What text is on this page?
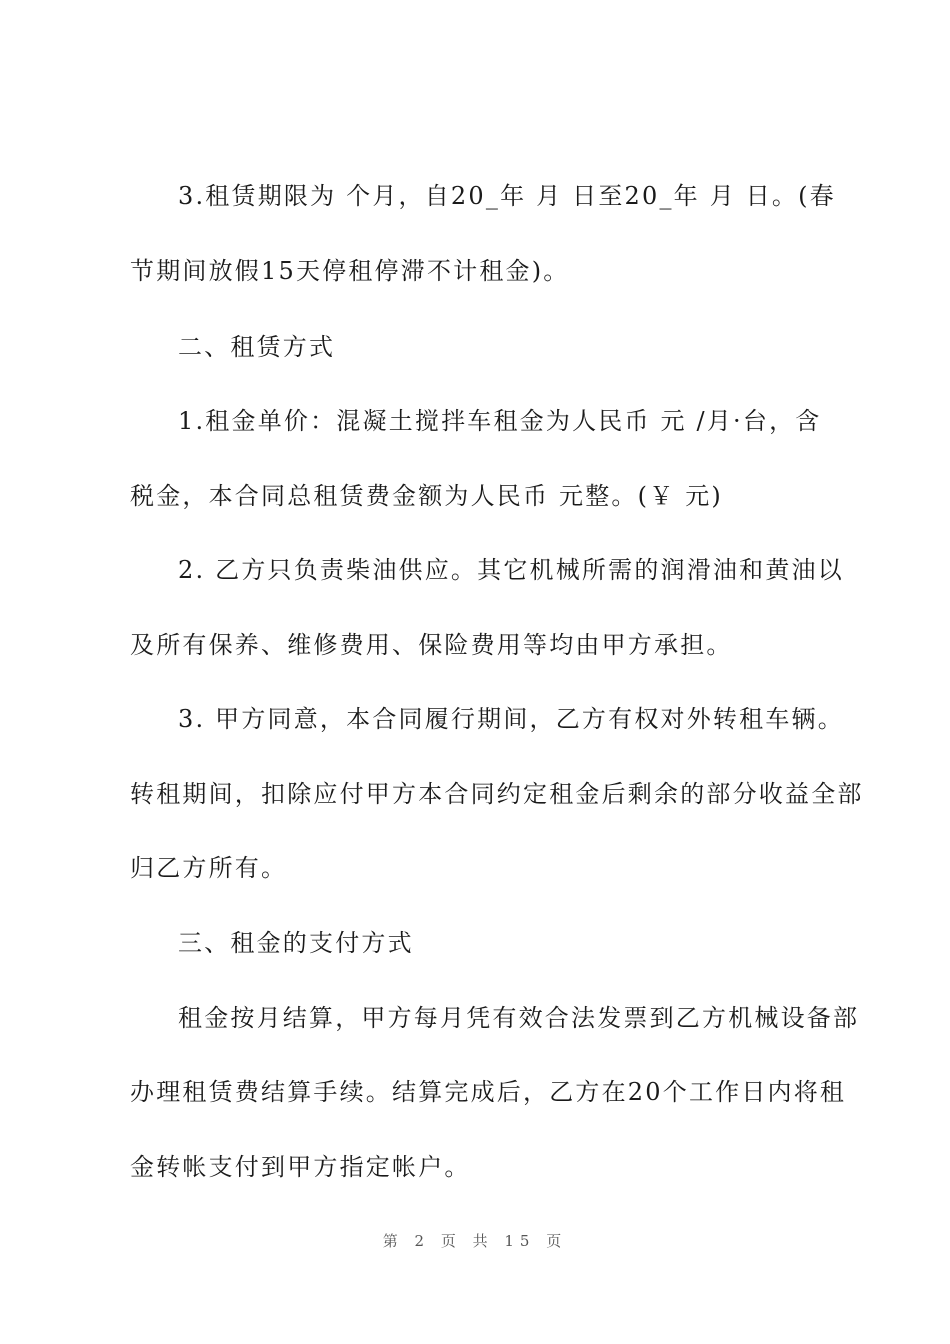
3.租赁期限为 个月，自20_年 月 日至20_年 月 日。(春
节期间放假15天停租停滞不计租金)。
二、租赁方式
1.租金单价：混凝土搅拌车租金为人民币 元 /月·台，含
税金，本合同总租赁费金额为人民币 元整。(￥ 元)
2. 乙方只负责柴油供应。其它机械所需的润滑油和黄油以
及所有保养、维修费用、保险费用等均由甲方承担。
3. 甲方同意，本合同履行期间，乙方有权对外转租车辆。
转租期间，扣除应付甲方本合同约定租金后剩余的部分收益全部
归乙方所有。
三、租金的支付方式
租金按月结算，甲方每月凭有效合法发票到乙方机械设备部
办理租赁费结算手续。结算完成后，乙方在20个工作日内将租
金转帐支付到甲方指定帐户。
第 2 页 共 15 页
